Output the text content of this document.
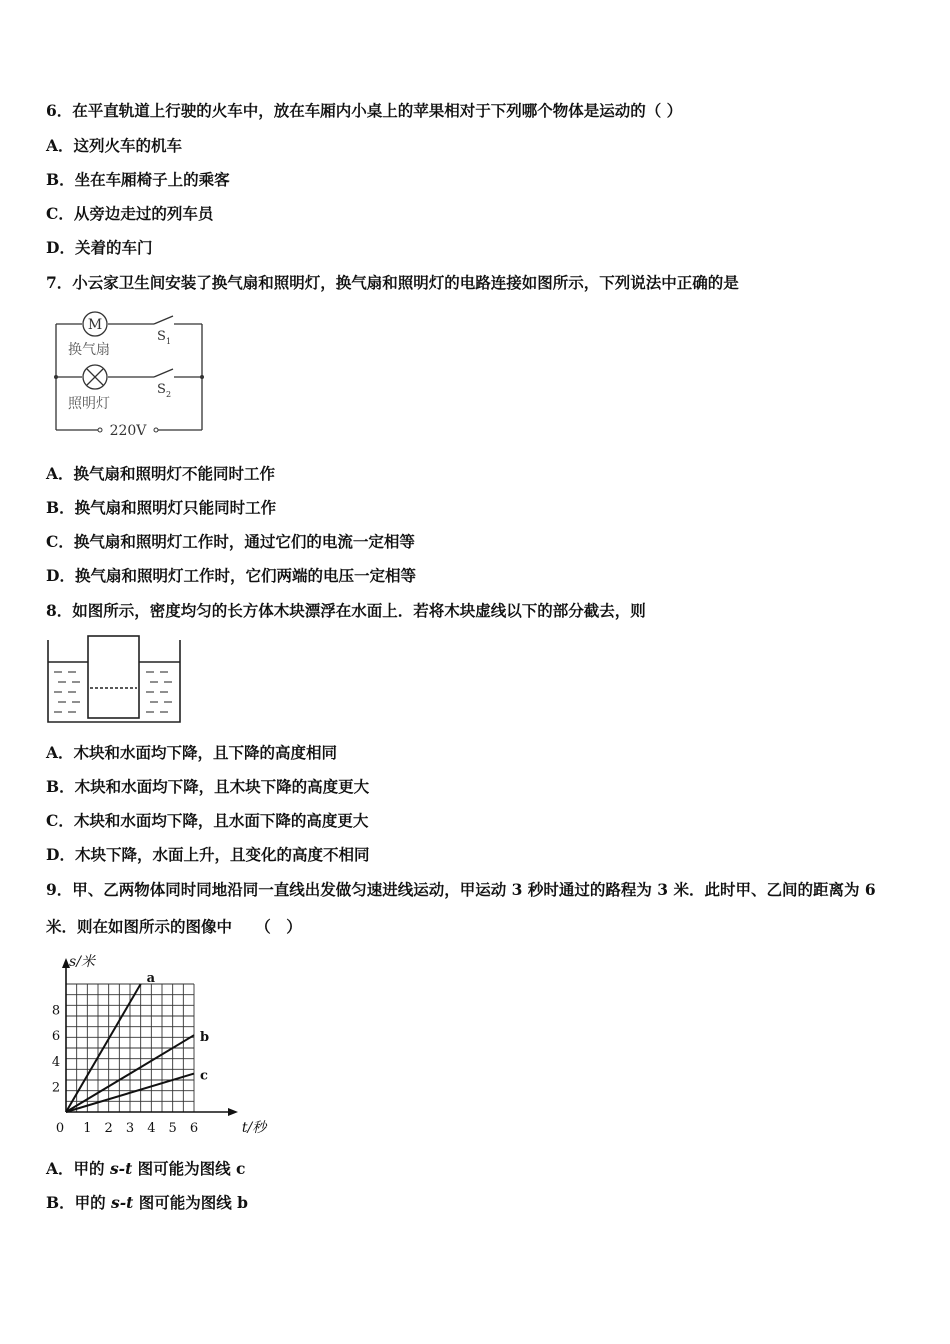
6．在平直轨道上行驶的火车中，放在车厢内小桌上的苹果相对于下列哪个物体是运动的（ ）
A．这列火车的机车
B．坐在车厢椅子上的乘客
C．从旁边走过的列车员
D．关着的车门
7．小云家卫生间安装了换气扇和照明灯，换气扇和照明灯的电路连接如图所示，下列说法中正确的是
M
换气扇
照明灯
S 1
S 2
220V
A．换气扇和照明灯不能同时工作
B．换气扇和照明灯只能同时工作
C．换气扇和照明灯工作时，通过它们的电流一定相等
D．换气扇和照明灯工作时，它们两端的电压一定相等
8．如图所示，密度均匀的长方体木块漂浮在水面上．若将木块虚线以下的部分截去，则
A．木块和水面均下降，且下降的高度相同
B．木块和水面均下降，且木块下降的高度更大
C．木块和水面均下降，且水面下降的高度更大
D．木块下降，水面上升，且变化的高度不相同
9．甲、乙两物体同时同地沿同一直线出发做匀速进线运动，甲运动 3 秒时通过的路程为 3 米．此时甲、乙间的距离为 6
米．则在如图所示的图像中　　（　）
1 2 3 4 5 6
2
4
6
8
0	t/秒
s/米
a
b
c
A．甲的 s-t 图可能为图线 c
B．甲的 s-t 图可能为图线 b
